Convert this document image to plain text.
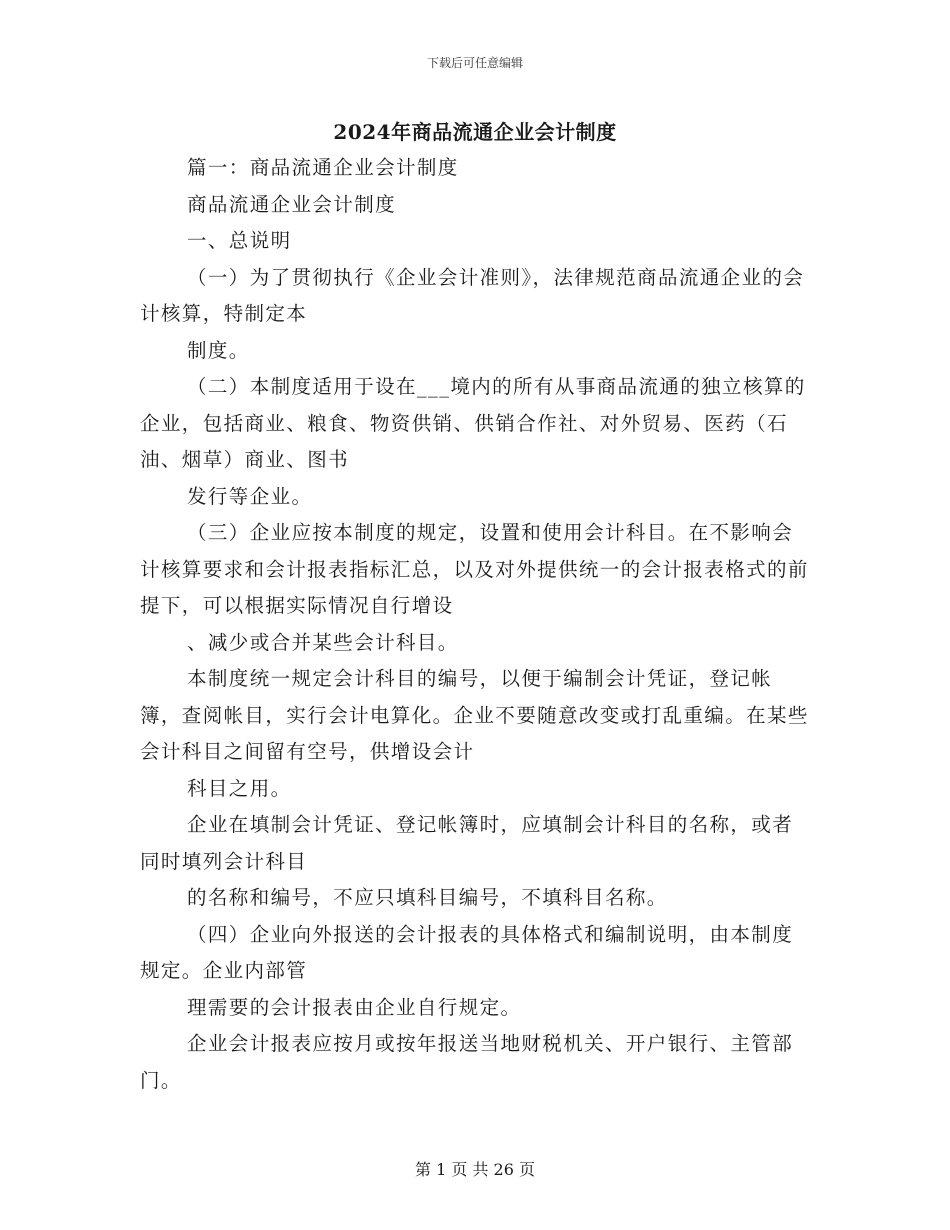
下载后可任意编辑
2024年商品流通企业会计制度

篇一：商品流通企业会计制度

商品流通企业会计制度

一、总说明

（一）为了贯彻执行《企业会计准则》，法律规范商品流通企业的会计核算，特制定本

制度。

（二）本制度适用于设在___境内的所有从事商品流通的独立核算的企业，包括商业、粮食、物资供销、供销合作社、对外贸易、医药（石油、烟草）商业、图书

发行等企业。

（三）企业应按本制度的规定，设置和使用会计科目。在不影响会计核算要求和会计报表指标汇总，以及对外提供统一的会计报表格式的前提下，可以根据实际情况自行增设

、减少或合并某些会计科目。

本制度统一规定会计科目的编号，以便于编制会计凭证，登记帐簿，查阅帐目，实行会计电算化。企业不要随意改变或打乱重编。在某些会计科目之间留有空号，供增设会计

科目之用。

企业在填制会计凭证、登记帐簿时，应填制会计科目的名称，或者同时填列会计科目

的名称和编号，不应只填科目编号，不填科目名称。

（四）企业向外报送的会计报表的具体格式和编制说明，由本制度规定。企业内部管

理需要的会计报表由企业自行规定。

企业会计报表应按月或按年报送当地财税机关、开户银行、主管部门。

第 1 页 共 26 页
